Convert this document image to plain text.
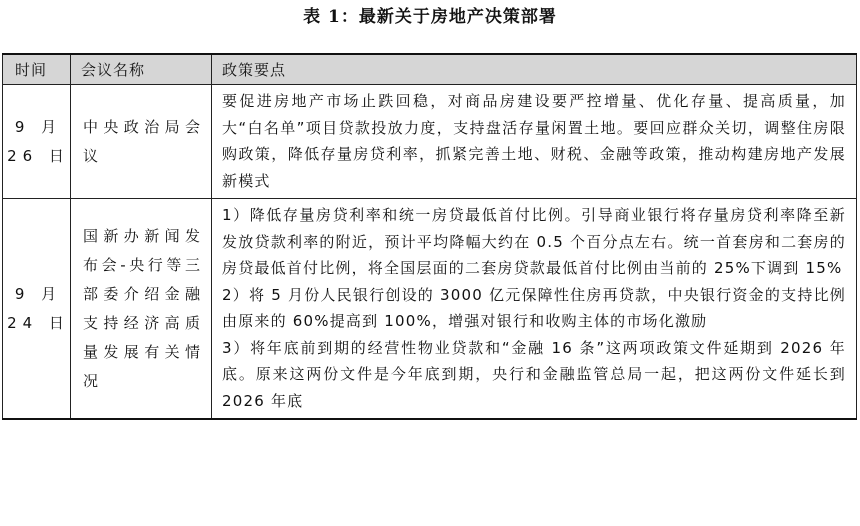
表 1：最新关于房地产决策部署
时间	会议名称	政策要点
9 月 26 日	中央政治局会议	要促进房地产市场止跌回稳，对商品房建设要严控增量、优化存量、提高质量，加大“白名单”项目贷款投放力度，支持盘活存量闲置土地。要回应群众关切，调整住房限购政策，降低存量房贷利率，抓紧完善土地、财税、金融等政策，推动构建房地产发展新模式

9 月 24 日	国新办新闻发布会-央行等三部委介绍金融支持经济高质量发展有关情况	1）降低存量房贷利率和统一房贷最低首付比例。引导商业银行将存量房贷利率降至新发放贷款利率的附近，预计平均降幅大约在 0.5 个百分点左右。统一首套房和二套房的房贷最低首付比例，将全国层面的二套房贷款最低首付比例由当前的 25%下调到 15%

2）将 5 月份人民银行创设的 3000 亿元保障性住房再贷款，中央银行资金的支持比例由原来的 60%提高到 100%，增强对银行和收购主体的市场化激励

3）将年底前到期的经营性物业贷款和“金融 16 条”这两项政策文件延期到 2026 年底。原来这两份文件是今年底到期，央行和金融监管总局一起，把这两份文件延长到 2026 年底
